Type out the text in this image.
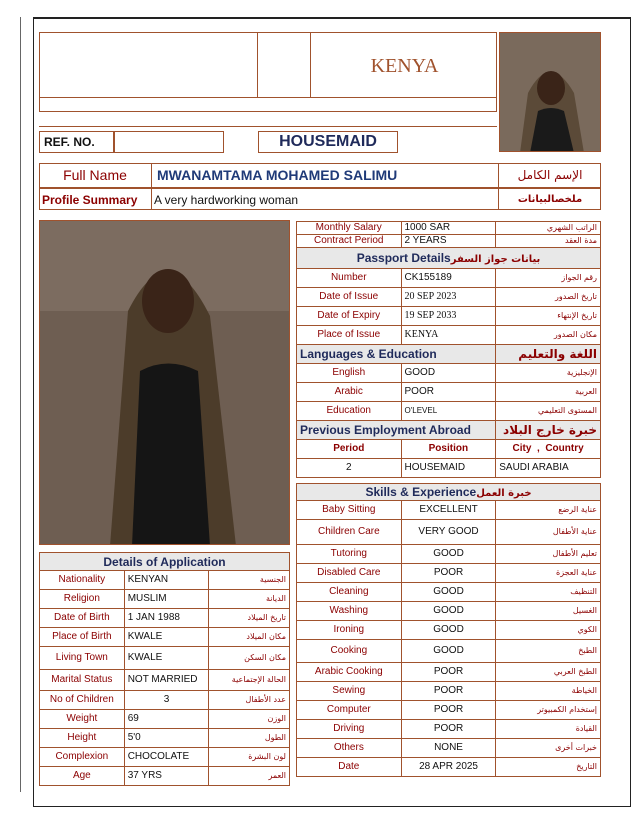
KENYA
REF. NO.	HOUSEMAID
Full Name	MWANAMTAMA MOHAMED SALIMU	الإسم الكامل
Profile Summary A very hardworking woman	ملخصالبيانات
Monthly Salary	1000 SAR	الراتب الشهري
Contract Period	2 YEARS	مدة العقد
Passport Detailsبيانات جواز السفر		
Number	CK155189	رقم الجواز
Date of Issue	20 SEP 2023	تاريخ الصدور
Date of Expiry	19 SEP 2033	تاريخ الإنتهاء
Place of Issue	KENYA	مكان الصدور
Languages & Education		اللغة والتعليم
English	GOOD	الإنجليزية
Arabic	POOR	العربية
Education	O'LEVEL	المستوى التعليمي
Previous Employment Abroad		خبرة خارج البلاد
Period	Position	City  ,  Country
2	HOUSEMAID	SAUDI ARABIA
Skills & Experienceخبرة العمل		
Baby Sitting	EXCELLENT	عناية الرضع
Children Care	VERY GOOD	عناية الأطفال
Tutoring	GOOD	تعليم الأطفال
Disabled Care	POOR	عناية العجزة
Cleaning	GOOD	التنظيف
Washing	GOOD	الغسيل
Ironing	GOOD	الكوي
Cooking	GOOD	الطبخ
Arabic Cooking	POOR	الطبخ العربي
Sewing	POOR	الخياطة
Computer	POOR	إستخدام الكمبيوتر
Driving	POOR	القيادة
Others	NONE	خبرات أخرى
Date	28 APR 2025	التاريخ
Details of Application		
Nationality	KENYAN	الجنسية
Religion	MUSLIM	الديانة
Date of Birth	1 JAN 1988	تاريخ الميلاد
Place of Birth	KWALE	مكان الميلاد
Living Town	KWALE	مكان السكن
Marital Status	NOT MARRIED	الحالة الإجتماعية
No of Children	3	عدد الأطفال
Weight	69	الوزن
Height	5'0	الطول
Complexion	CHOCOLATE	لون البشرة
Age	37 YRS	العمر
